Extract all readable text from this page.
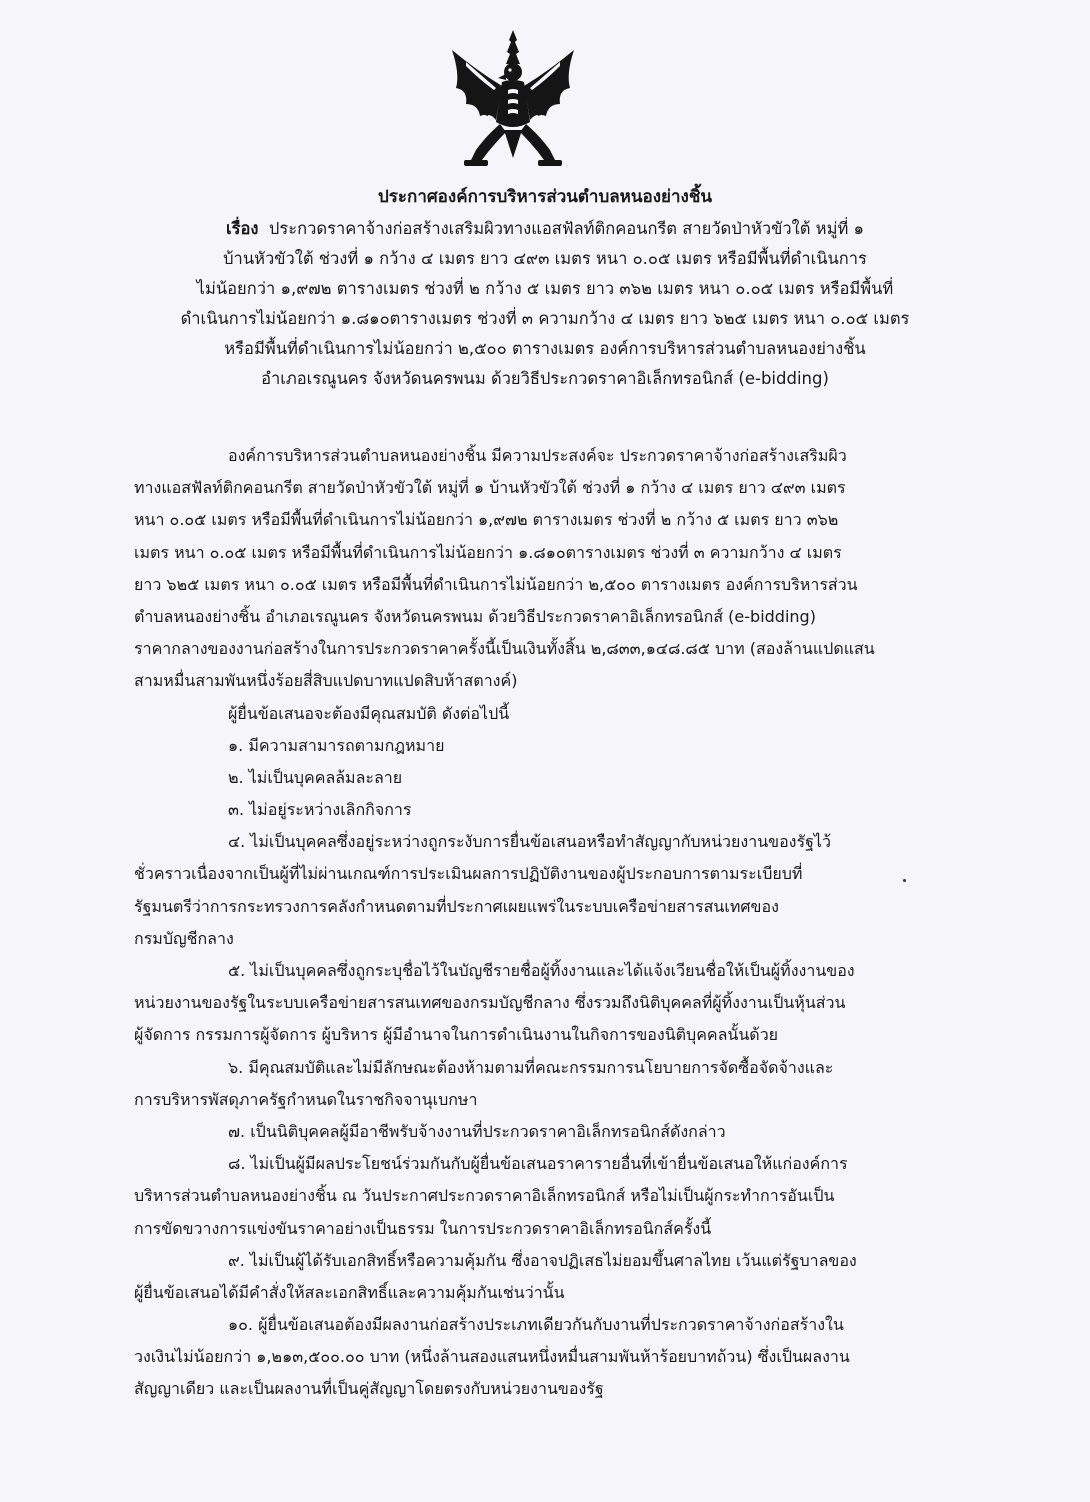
ประกาศองค์การบริหารส่วนตำบลหนองย่างชิ้น
เรื่อง ประกวดราคาจ้างก่อสร้างเสริมผิวทางแอสฟัลท์ติกคอนกรีต สายวัดป่าหัวขัวใต้ หมู่ที่ ๑
บ้านหัวขัวใต้ ช่วงที่ ๑ กว้าง ๔ เมตร ยาว ๔๙๓ เมตร หนา ๐.๐๕ เมตร หรือมีพื้นที่ดำเนินการ
ไม่น้อยกว่า ๑,๙๗๒ ตารางเมตร ช่วงที่ ๒ กว้าง ๕ เมตร ยาว ๓๖๒ เมตร หนา ๐.๐๕ เมตร หรือมีพื้นที่
ดำเนินการไม่น้อยกว่า ๑.๘๑๐ตารางเมตร ช่วงที่ ๓ ความกว้าง ๔ เมตร ยาว ๖๒๕ เมตร หนา ๐.๐๕ เมตร
หรือมีพื้นที่ดำเนินการไม่น้อยกว่า ๒,๕๐๐ ตารางเมตร องค์การบริหารส่วนตำบลหนองย่างชิ้น
อำเภอเรณูนคร จังหวัดนครพนม ด้วยวิธีประกวดราคาอิเล็กทรอนิกส์ (e-bidding)
องค์การบริหารส่วนตำบลหนองย่างชิ้น มีความประสงค์จะ ประกวดราคาจ้างก่อสร้างเสริมผิว
ทางแอสฟัลท์ติกคอนกรีต สายวัดป่าหัวขัวใต้ หมู่ที่ ๑ บ้านหัวขัวใต้ ช่วงที่ ๑ กว้าง ๔ เมตร ยาว ๔๙๓ เมตร
หนา ๐.๐๕ เมตร หรือมีพื้นที่ดำเนินการไม่น้อยกว่า ๑,๙๗๒ ตารางเมตร ช่วงที่ ๒ กว้าง ๕ เมตร ยาว ๓๖๒
เมตร หนา ๐.๐๕ เมตร หรือมีพื้นที่ดำเนินการไม่น้อยกว่า ๑.๘๑๐ตารางเมตร ช่วงที่ ๓ ความกว้าง ๔ เมตร
ยาว ๖๒๕ เมตร หนา ๐.๐๕ เมตร หรือมีพื้นที่ดำเนินการไม่น้อยกว่า ๒,๕๐๐ ตารางเมตร องค์การบริหารส่วน
ตำบลหนองย่างชิ้น อำเภอเรณูนคร จังหวัดนครพนม ด้วยวิธีประกวดราคาอิเล็กทรอนิกส์ (e-bidding)
ราคากลางของงานก่อสร้างในการประกวดราคาครั้งนี้เป็นเงินทั้งสิ้น ๒,๘๓๓,๑๔๘.๘๕ บาท (สองล้านแปดแสน
สามหมื่นสามพันหนึ่งร้อยสี่สิบแปดบาทแปดสิบห้าสตางค์)
ผู้ยื่นข้อเสนอจะต้องมีคุณสมบัติ ดังต่อไปนี้
๑. มีความสามารถตามกฎหมาย
๒. ไม่เป็นบุคคลล้มละลาย
๓. ไม่อยู่ระหว่างเลิกกิจการ
๔. ไม่เป็นบุคคลซึ่งอยู่ระหว่างถูกระงับการยื่นข้อเสนอหรือทำสัญญากับหน่วยงานของรัฐไว้
ชั่วคราวเนื่องจากเป็นผู้ที่ไม่ผ่านเกณฑ์การประเมินผลการปฏิบัติงานของผู้ประกอบการตามระเบียบที่
รัฐมนตรีว่าการกระทรวงการคลังกำหนดตามที่ประกาศเผยแพร่ในระบบเครือข่ายสารสนเทศของ
กรมบัญชีกลาง
๕. ไม่เป็นบุคคลซึ่งถูกระบุชื่อไว้ในบัญชีรายชื่อผู้ทิ้งงานและได้แจ้งเวียนชื่อให้เป็นผู้ทิ้งงานของ
หน่วยงานของรัฐในระบบเครือข่ายสารสนเทศของกรมบัญชีกลาง ซึ่งรวมถึงนิติบุคคลที่ผู้ทิ้งงานเป็นหุ้นส่วน
ผู้จัดการ กรรมการผู้จัดการ ผู้บริหาร ผู้มีอำนาจในการดำเนินงานในกิจการของนิติบุคคลนั้นด้วย
๖. มีคุณสมบัติและไม่มีลักษณะต้องห้ามตามที่คณะกรรมการนโยบายการจัดซื้อจัดจ้างและ
การบริหารพัสดุภาครัฐกำหนดในราชกิจจานุเบกษา
๗. เป็นนิติบุคคลผู้มีอาชีพรับจ้างงานที่ประกวดราคาอิเล็กทรอนิกส์ดังกล่าว
๘. ไม่เป็นผู้มีผลประโยชน์ร่วมกันกับผู้ยื่นข้อเสนอราคารายอื่นที่เข้ายื่นข้อเสนอให้แก่องค์การ
บริหารส่วนตำบลหนองย่างชิ้น ณ วันประกาศประกวดราคาอิเล็กทรอนิกส์ หรือไม่เป็นผู้กระทำการอันเป็น
การขัดขวางการแข่งขันราคาอย่างเป็นธรรม ในการประกวดราคาอิเล็กทรอนิกส์ครั้งนี้
๙. ไม่เป็นผู้ได้รับเอกสิทธิ์หรือความคุ้มกัน ซึ่งอาจปฏิเสธไม่ยอมขึ้นศาลไทย เว้นแต่รัฐบาลของ
ผู้ยื่นข้อเสนอได้มีคำสั่งให้สละเอกสิทธิ์และความคุ้มกันเช่นว่านั้น
๑๐. ผู้ยื่นข้อเสนอต้องมีผลงานก่อสร้างประเภทเดียวกันกับงานที่ประกวดราคาจ้างก่อสร้างใน
วงเงินไม่น้อยกว่า ๑,๒๑๓,๕๐๐.๐๐ บาท (หนึ่งล้านสองแสนหนึ่งหมื่นสามพันห้าร้อยบาทถ้วน) ซึ่งเป็นผลงาน
สัญญาเดียว และเป็นผลงานที่เป็นคู่สัญญาโดยตรงกับหน่วยงานของรัฐ
